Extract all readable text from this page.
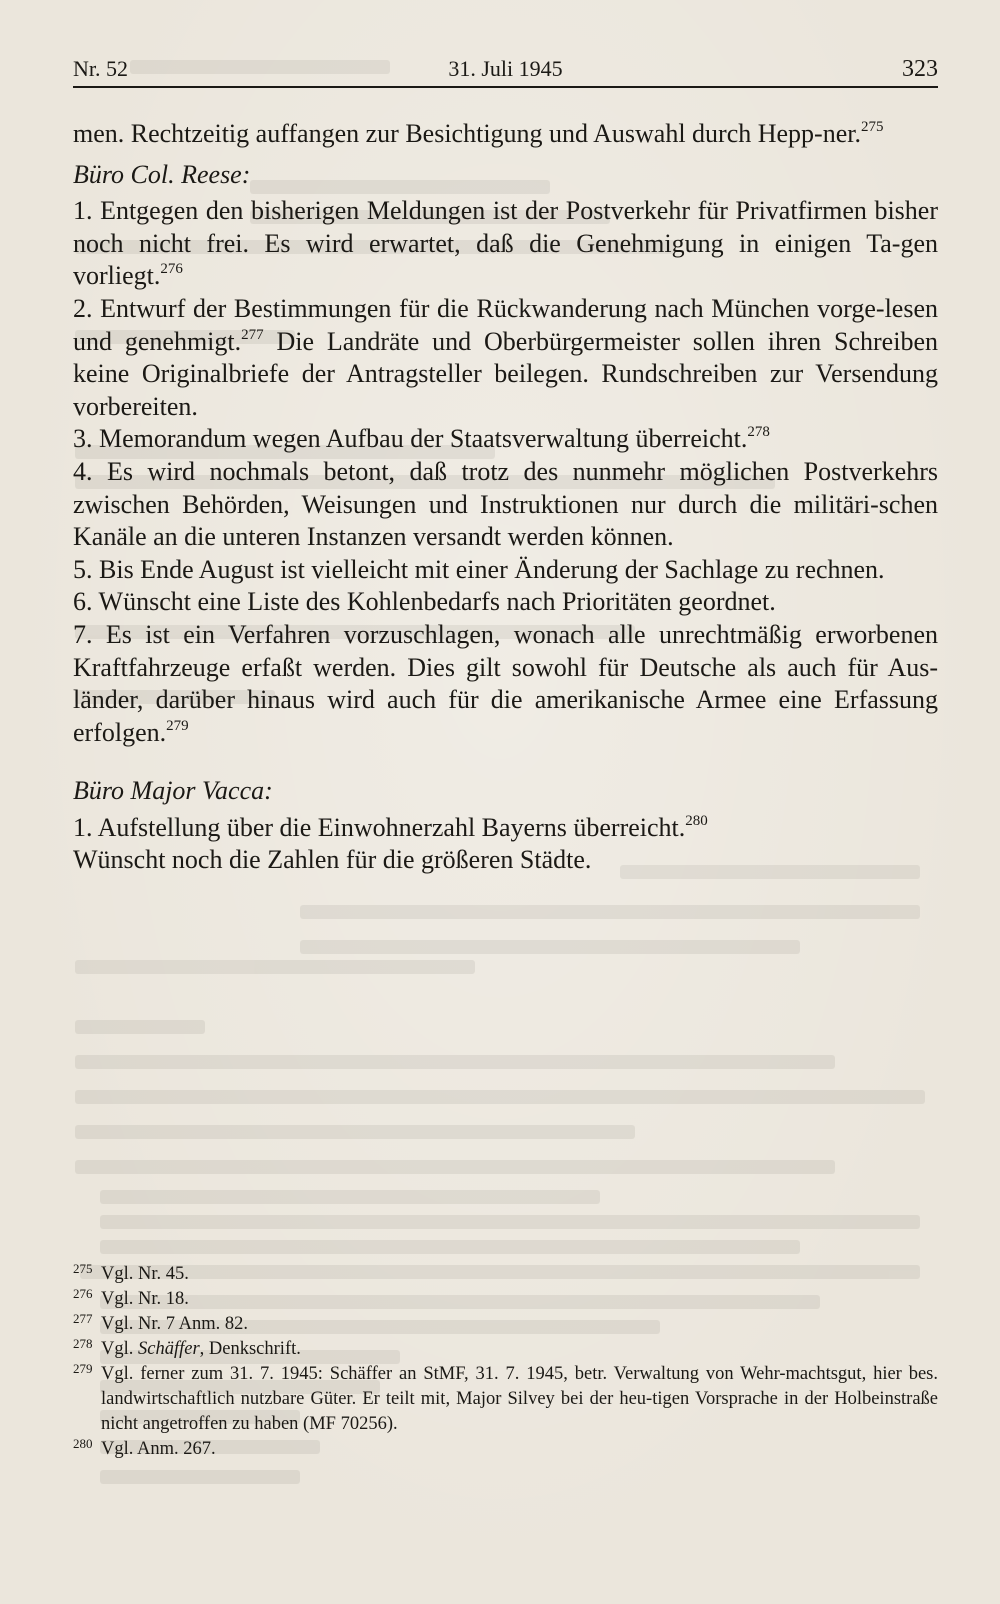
Nr. 52	31. Juli 1945	323

men. Rechtzeitig auffangen zur Besichtigung und Auswahl durch Hepp-ner.$^{275}$

Büro Col. Reese:

1. Entgegen den bisherigen Meldungen ist der Postverkehr für Privatfirmen bisher noch nicht frei. Es wird erwartet, daß die Genehmigung in einigen Ta-gen vorliegt.$^{276}$

2. Entwurf der Bestimmungen für die Rückwanderung nach München vorge-lesen und genehmigt.$^{277}$ Die Landräte und Oberbürgermeister sollen ihren Schreiben keine Originalbriefe der Antragsteller beilegen. Rundschreiben zur Versendung vorbereiten.

3. Memorandum wegen Aufbau der Staatsverwaltung überreicht.$^{278}$

4. Es wird nochmals betont, daß trotz des nunmehr möglichen Postverkehrs zwischen Behörden, Weisungen und Instruktionen nur durch die militäri-schen Kanäle an die unteren Instanzen versandt werden können.

5. Bis Ende August ist vielleicht mit einer Änderung der Sachlage zu rechnen.

6. Wünscht eine Liste des Kohlenbedarfs nach Prioritäten geordnet.

7. Es ist ein Verfahren vorzuschlagen, wonach alle unrechtmäßig erworbenen Kraftfahrzeuge erfaßt werden. Dies gilt sowohl für Deutsche als auch für Aus-länder, darüber hinaus wird auch für die amerikanische Armee eine Erfassung erfolgen.$^{279}$

Büro Major Vacca:

1. Aufstellung über die Einwohnerzahl Bayerns überreicht.$^{280}$

Wünscht noch die Zahlen für die größeren Städte.

275 Vgl. Nr. 45.
276 Vgl. Nr. 18.
277 Vgl. Nr. 7 Anm. 82.
278 Vgl. Schäffer, Denkschrift.
279 Vgl. ferner zum 31. 7. 1945: Schäffer an StMF, 31. 7. 1945, betr. Verwaltung von Wehr-machtsgut, hier bes. landwirtschaftlich nutzbare Güter. Er teilt mit, Major Silvey bei der heu-tigen Vorsprache in der Holbeinstraße nicht angetroffen zu haben (MF 70256).
280 Vgl. Anm. 267.
